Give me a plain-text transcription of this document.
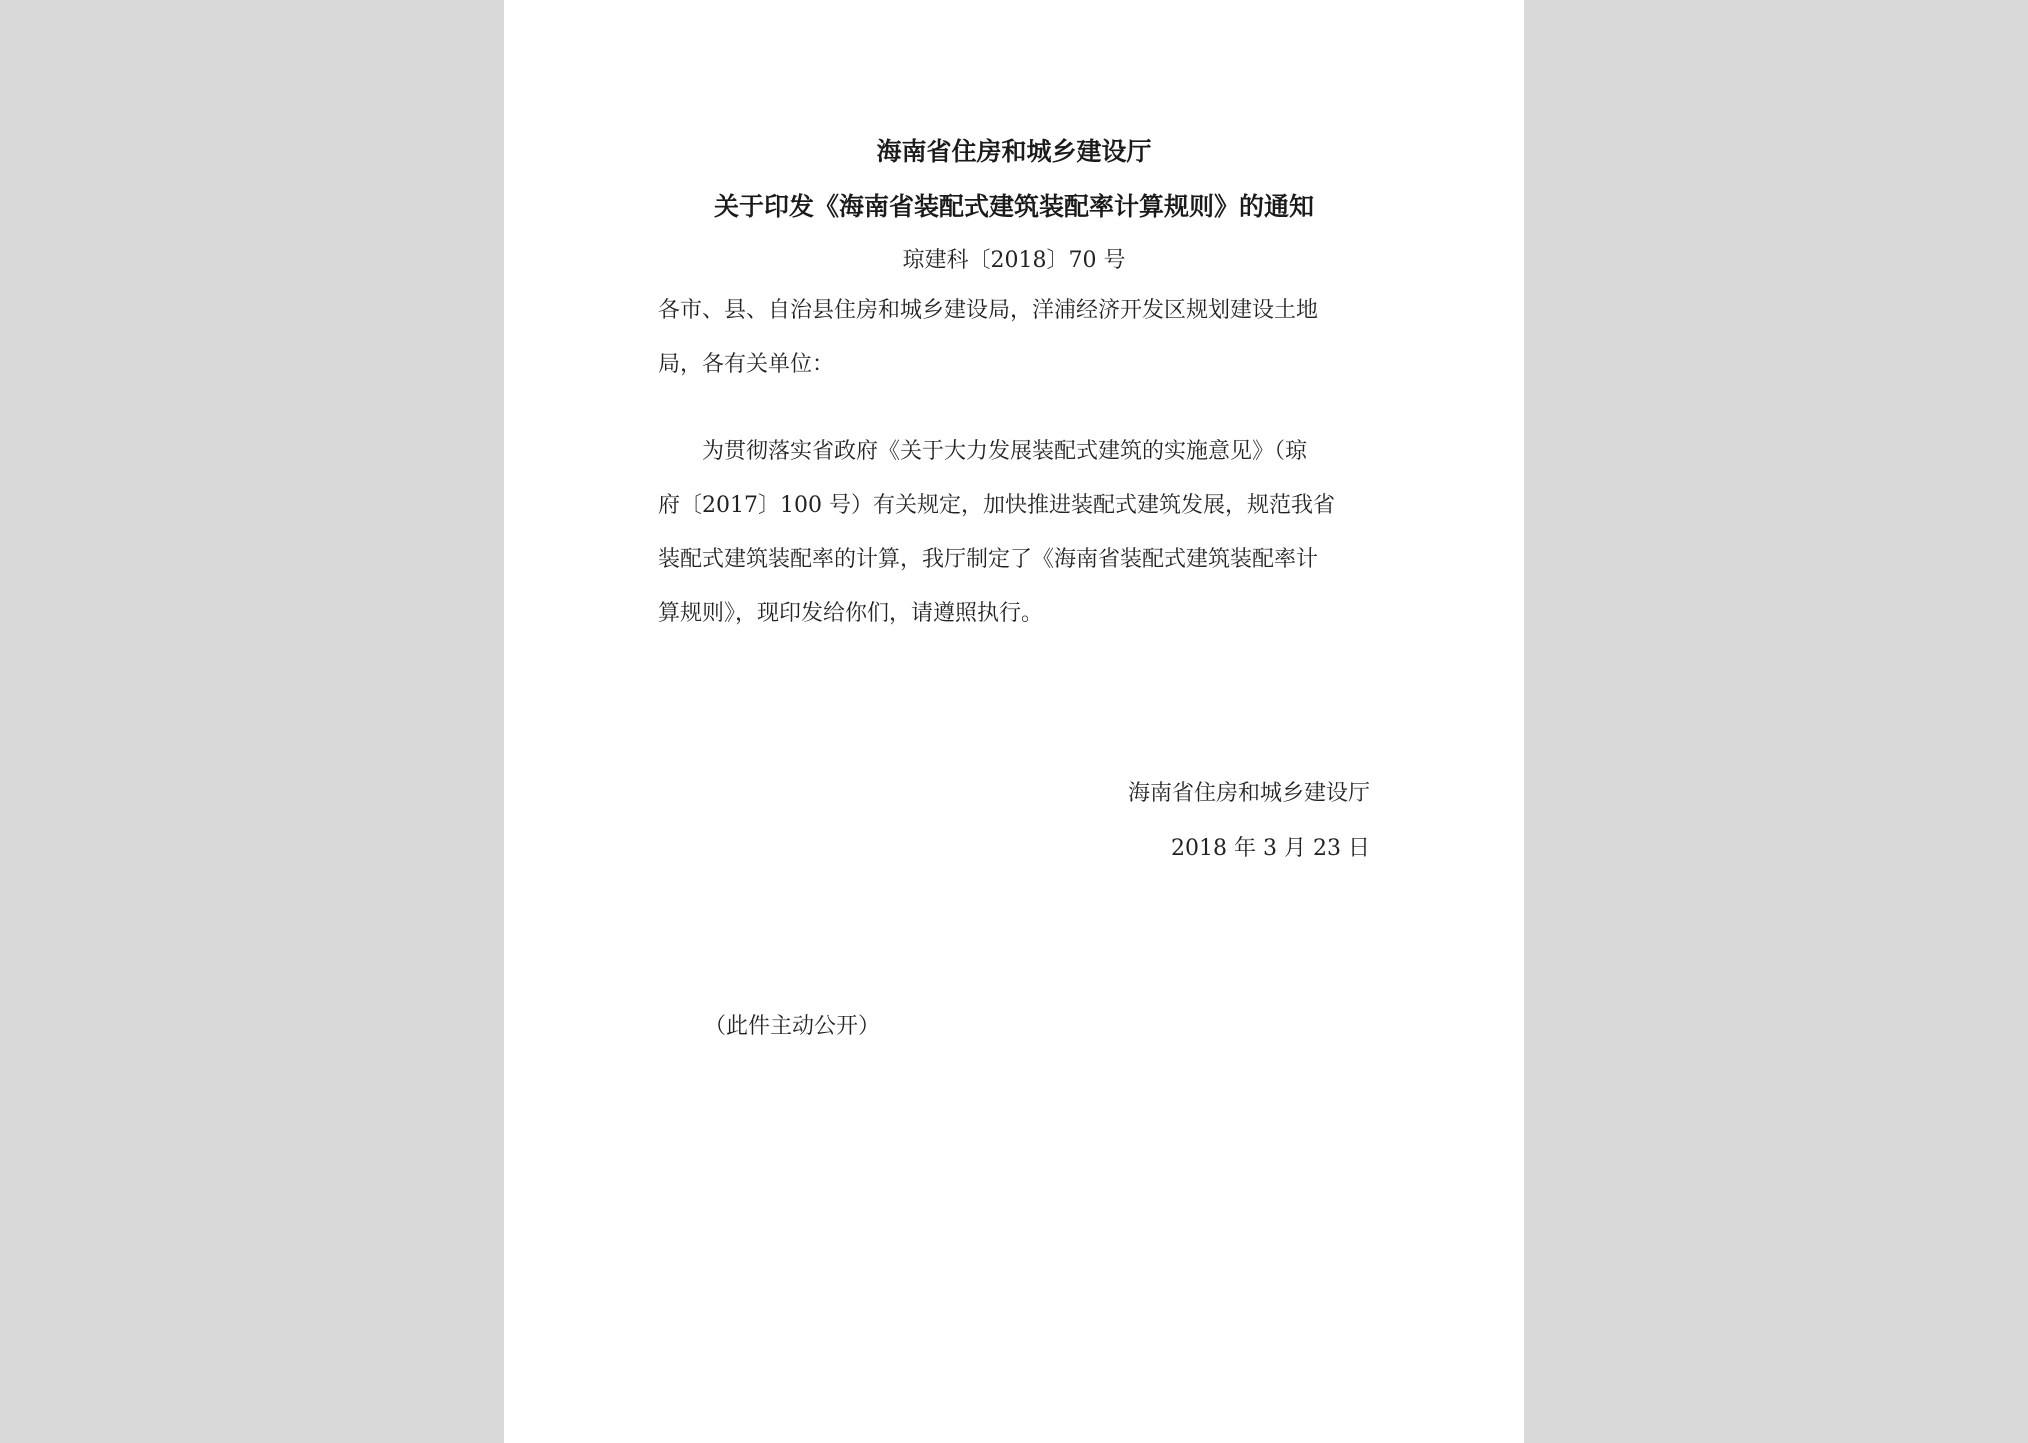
海南省住房和城乡建设厅
关于印发《海南省装配式建筑装配率计算规则》的通知
琼建科〔2018〕70 号
各市、县、自治县住房和城乡建设局，洋浦经济开发区规划建设土地
局，各有关单位：
为贯彻落实省政府《关于大力发展装配式建筑的实施意见》（琼
府〔2017〕100 号）有关规定，加快推进装配式建筑发展，规范我省
装配式建筑装配率的计算，我厅制定了《海南省装配式建筑装配率计
算规则》，现印发给你们，请遵照执行。
海南省住房和城乡建设厅
2018 年 3 月 23 日
（此件主动公开）
